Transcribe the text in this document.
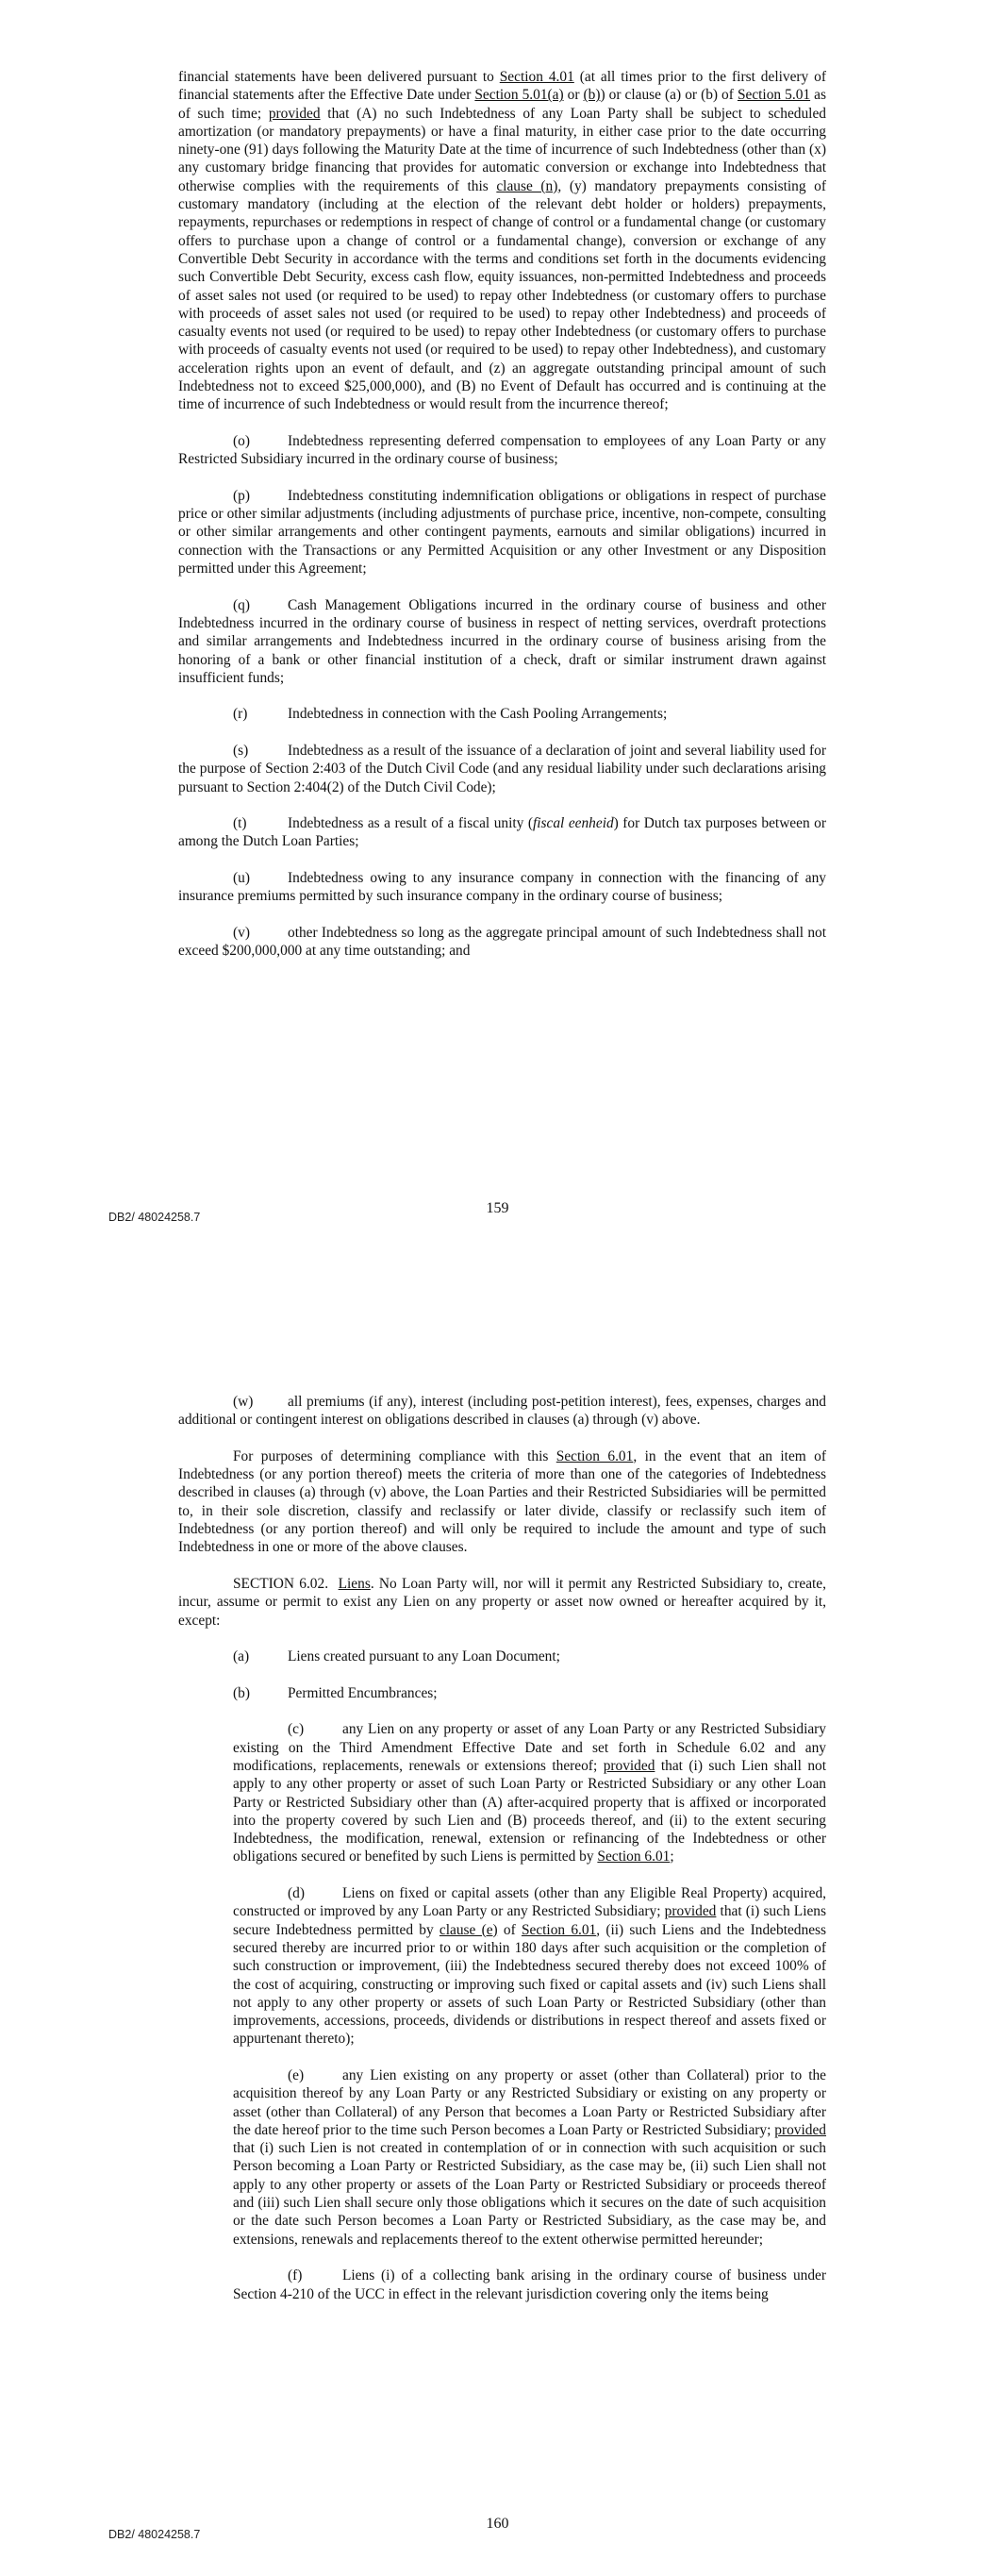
financial statements have been delivered pursuant to Section 4.01 (at all times prior to the first delivery of financial statements after the Effective Date under Section 5.01(a) or (b)) or clause (a) or (b) of Section 5.01 as of such time; provided that (A) no such Indebtedness of any Loan Party shall be subject to scheduled amortization (or mandatory prepayments) or have a final maturity, in either case prior to the date occurring ninety-one (91) days following the Maturity Date at the time of incurrence of such Indebtedness (other than (x) any customary bridge financing that provides for automatic conversion or exchange into Indebtedness that otherwise complies with the requirements of this clause (n), (y) mandatory prepayments consisting of customary mandatory (including at the election of the relevant debt holder or holders) prepayments, repayments, repurchases or redemptions in respect of change of control or a fundamental change (or customary offers to purchase upon a change of control or a fundamental change), conversion or exchange of any Convertible Debt Security in accordance with the terms and conditions set forth in the documents evidencing such Convertible Debt Security, excess cash flow, equity issuances, non-permitted Indebtedness and proceeds of asset sales not used (or required to be used) to repay other Indebtedness (or customary offers to purchase with proceeds of asset sales not used (or required to be used) to repay other Indebtedness) and proceeds of casualty events not used (or required to be used) to repay other Indebtedness (or customary offers to purchase with proceeds of casualty events not used (or required to be used) to repay other Indebtedness), and customary acceleration rights upon an event of default, and (z) an aggregate outstanding principal amount of such Indebtedness not to exceed $25,000,000), and (B) no Event of Default has occurred and is continuing at the time of incurrence of such Indebtedness or would result from the incurrence thereof;

(o)	Indebtedness representing deferred compensation to employees of any Loan Party or any Restricted Subsidiary incurred in the ordinary course of business;

(p)	Indebtedness constituting indemnification obligations or obligations in respect of purchase price or other similar adjustments (including adjustments of purchase price, incentive, non-compete, consulting or other similar arrangements and other contingent payments, earnouts and similar obligations) incurred in connection with the Transactions or any Permitted Acquisition or any other Investment or any Disposition permitted under this Agreement;

(q)	Cash Management Obligations incurred in the ordinary course of business and other Indebtedness incurred in the ordinary course of business in respect of netting services, overdraft protections and similar arrangements and Indebtedness incurred in the ordinary course of business arising from the honoring of a bank or other financial institution of a check, draft or similar instrument drawn against insufficient funds;

(r)	Indebtedness in connection with the Cash Pooling Arrangements;

(s)	Indebtedness as a result of the issuance of a declaration of joint and several liability used for the purpose of Section 2:403 of the Dutch Civil Code (and any residual liability under such declarations arising pursuant to Section 2:404(2) of the Dutch Civil Code);

(t)	Indebtedness as a result of a fiscal unity (fiscal eenheid) for Dutch tax purposes between or among the Dutch Loan Parties;

(u)	Indebtedness owing to any insurance company in connection with the financing of any insurance premiums permitted by such insurance company in the ordinary course of business;

(v)	other Indebtedness so long as the aggregate principal amount of such Indebtedness shall not exceed $200,000,000 at any time outstanding; and

DB2/ 48024258.7
159

(w) all premiums (if any), interest (including post-petition interest), fees, expenses, charges and additional or contingent interest on obligations described in clauses (a) through (v) above.

For purposes of determining compliance with this Section 6.01, in the event that an item of Indebtedness (or any portion thereof) meets the criteria of more than one of the categories of Indebtedness described in clauses (a) through (v) above, the Loan Parties and their Restricted Subsidiaries will be permitted to, in their sole discretion, classify and reclassify or later divide, classify or reclassify such item of Indebtedness (or any portion thereof) and will only be required to include the amount and type of such Indebtedness in one or more of the above clauses.

SECTION 6.02. Liens. No Loan Party will, nor will it permit any Restricted Subsidiary to, create, incur, assume or permit to exist any Lien on any property or asset now owned or hereafter acquired by it, except:

(a)	Liens created pursuant to any Loan Document;

(b)	Permitted Encumbrances;

(c)	any Lien on any property or asset of any Loan Party or any Restricted Subsidiary existing on the Third Amendment Effective Date and set forth in Schedule 6.02 and any modifications, replacements, renewals or extensions thereof; provided that (i) such Lien shall not apply to any other property or asset of such Loan Party or Restricted Subsidiary or any other Loan Party or Restricted Subsidiary other than (A) after-acquired property that is affixed or incorporated into the property covered by such Lien and (B) proceeds thereof, and (ii) to the extent securing Indebtedness, the modification, renewal, extension or refinancing of the Indebtedness or other obligations secured or benefited by such Liens is permitted by Section 6.01;

(d)	Liens on fixed or capital assets (other than any Eligible Real Property) acquired, constructed or improved by any Loan Party or any Restricted Subsidiary; provided that (i) such Liens secure Indebtedness permitted by clause (e) of Section 6.01, (ii) such Liens and the Indebtedness secured thereby are incurred prior to or within 180 days after such acquisition or the completion of such construction or improvement, (iii) the Indebtedness secured thereby does not exceed 100% of the cost of acquiring, constructing or improving such fixed or capital assets and (iv) such Liens shall not apply to any other property or assets of such Loan Party or Restricted Subsidiary (other than improvements, accessions, proceeds, dividends or distributions in respect thereof and assets fixed or appurtenant thereto);

(e)	any Lien existing on any property or asset (other than Collateral) prior to the acquisition thereof by any Loan Party or any Restricted Subsidiary or existing on any property or asset (other than Collateral) of any Person that becomes a Loan Party or Restricted Subsidiary after the date hereof prior to the time such Person becomes a Loan Party or Restricted Subsidiary; provided that (i) such Lien is not created in contemplation of or in connection with such acquisition or such Person becoming a Loan Party or Restricted Subsidiary, as the case may be, (ii) such Lien shall not apply to any other property or assets of the Loan Party or Restricted Subsidiary or proceeds thereof and (iii) such Lien shall secure only those obligations which it secures on the date of such acquisition or the date such Person becomes a Loan Party or Restricted Subsidiary, as the case may be, and extensions, renewals and replacements thereof to the extent otherwise permitted hereunder;

(f)	Liens (i) of a collecting bank arising in the ordinary course of business under Section 4-210 of the UCC in effect in the relevant jurisdiction covering only the items being

DB2/ 48024258.7
160
